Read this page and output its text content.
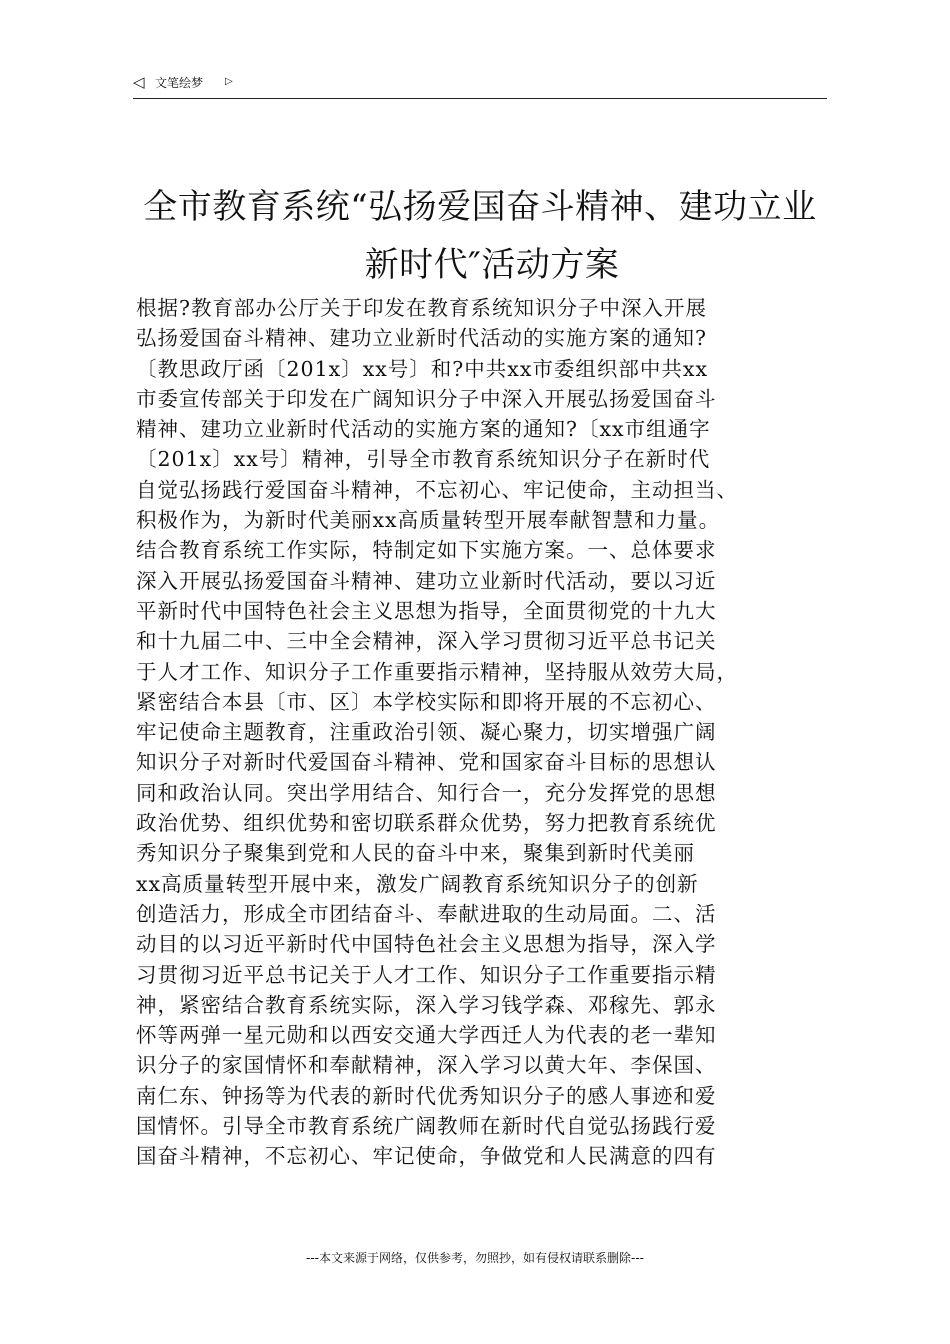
◁ 文笔绘梦 ▷
全市教育系统“弘扬爱国奋斗精神、建功立业
新时代″活动方案
根据?教育部办公厅关于印发在教育系统知识分子中深入开展
弘扬爱国奋斗精神、建功立业新时代活动的实施方案的通知?
〔教思政厅函〔201x〕xx号〕和?中共xx市委组织部中共xx
市委宣传部关于印发在广阔知识分子中深入开展弘扬爱国奋斗
精神、建功立业新时代活动的实施方案的通知?〔xx市组通字
〔201x〕xx号〕精神，引导全市教育系统知识分子在新时代
自觉弘扬践行爱国奋斗精神，不忘初心、牢记使命，主动担当、
积极作为，为新时代美丽xx高质量转型开展奉献智慧和力量。
结合教育系统工作实际，特制定如下实施方案。一、总体要求
深入开展弘扬爱国奋斗精神、建功立业新时代活动，要以习近
平新时代中国特色社会主义思想为指导，全面贯彻党的十九大
和十九届二中、三中全会精神，深入学习贯彻习近平总书记关
于人才工作、知识分子工作重要指示精神，坚持服从效劳大局，
紧密结合本县〔市、区〕本学校实际和即将开展的不忘初心、
牢记使命主题教育，注重政治引领、凝心聚力，切实增强广阔
知识分子对新时代爱国奋斗精神、党和国家奋斗目标的思想认
同和政治认同。突出学用结合、知行合一，充分发挥党的思想
政治优势、组织优势和密切联系群众优势，努力把教育系统优
秀知识分子聚集到党和人民的奋斗中来，聚集到新时代美丽
xx高质量转型开展中来，激发广阔教育系统知识分子的创新
创造活力，形成全市团结奋斗、奉献进取的生动局面。二、活
动目的以习近平新时代中国特色社会主义思想为指导，深入学
习贯彻习近平总书记关于人才工作、知识分子工作重要指示精
神，紧密结合教育系统实际，深入学习钱学森、邓稼先、郭永
怀等两弹一星元勋和以西安交通大学西迁人为代表的老一辈知
识分子的家国情怀和奉献精神，深入学习以黄大年、李保国、
南仁东、钟扬等为代表的新时代优秀知识分子的感人事迹和爱
国情怀。引导全市教育系统广阔教师在新时代自觉弘扬践行爱
国奋斗精神，不忘初心、牢记使命，争做党和人民满意的四有
---本文来源于网络，仅供参考，勿照抄，如有侵权请联系删除---
